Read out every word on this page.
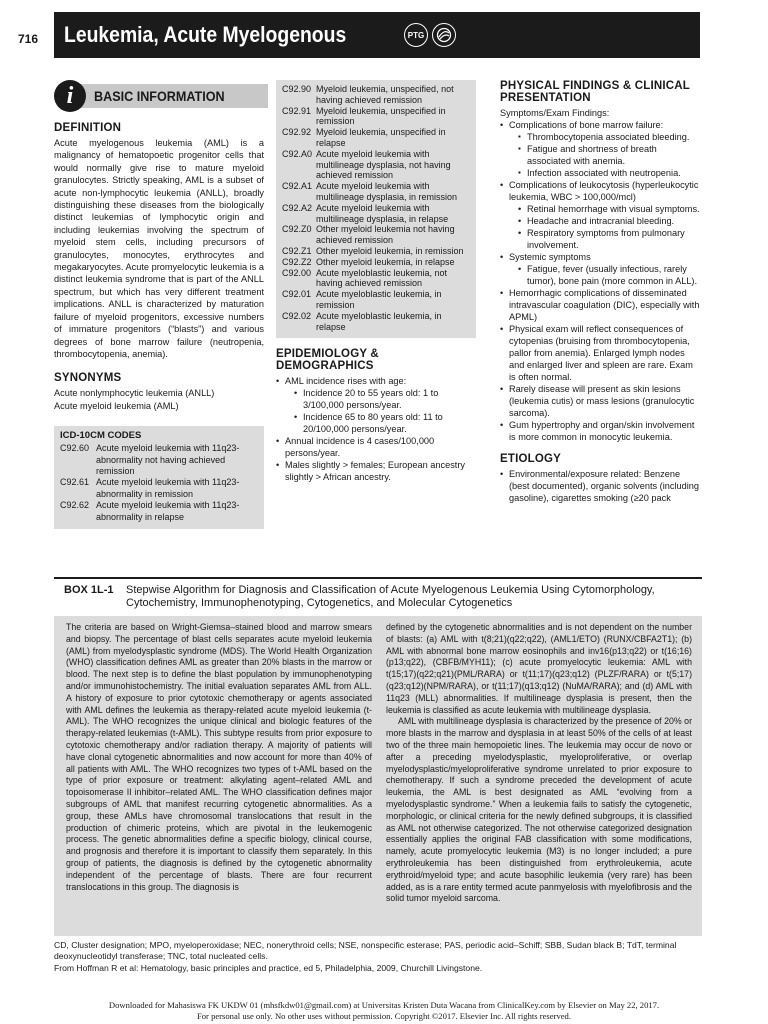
716 Leukemia, Acute Myelogenous	PTG
i	BASIC INFORMATION
DEFINITION
Acute myelogenous leukemia (AML) is a malignancy of hematopoetic progenitor cells that would normally give rise to mature myeloid granulocytes. Strictly speaking, AML is a subset of acute non-lymphocytic leukemia (ANLL), broadly distinguishing these diseases from the biologically distinct leukemias of lymphocytic origin and including leukemias involving the spectrum of myeloid stem cells, including precursors of granulocytes, monocytes, erythrocytes and megakaryocytes. Acute promyelocytic leukemia is a distinct leukemia syndrome that is part of the ANLL spectrum, but which has very different treatment implications. ANLL is characterized by maturation failure of myeloid progenitors, excessive numbers of immature progenitors (“blasts”) and various degrees of bone marrow failure (neutropenia, thrombocytopenia, anemia).
SYNONYMS
Acute nonlymphocytic leukemia (ANLL)
Acute myeloid leukemia (AML)
ICD-10CM CODES
C92.60 Acute myeloid leukemia with 11q23-abnormality not having achieved remission
C92.61 Acute myeloid leukemia with 11q23-abnormality in remission
C92.62 Acute myeloid leukemia with 11q23-abnormality in relapse
C92.90 Myeloid leukemia, unspecified, not having achieved remission
C92.91 Myeloid leukemia, unspecified in remission
C92.92 Myeloid leukemia, unspecified in relapse
C92.A0 Acute myeloid leukemia with multilineage dysplasia, not having achieved remission
C92.A1 Acute myeloid leukemia with multilineage dysplasia, in remission
C92.A2 Acute myeloid leukemia with multilineage dysplasia, in relapse
C92.Z0 Other myeloid leukemia not having achieved remission
C92.Z1 Other myeloid leukemia, in remission
C92.Z2 Other myeloid leukemia, in relapse
C92.00 Acute myeloblastic leukemia, not having achieved remission
C92.01 Acute myeloblastic leukemia, in remission
C92.02 Acute myeloblastic leukemia, in relapse
EPIDEMIOLOGY & DEMOGRAPHICS
• AML incidence rises with age:
• Incidence 20 to 55 years old: 1 to 3/100,000 persons/year.
• Incidence 65 to 80 years old: 11 to 20/100,000 persons/year.
• Annual incidence is 4 cases/100,000 persons/year.
• Males slightly > females; European ancestry slightly > African ancestry.
PHYSICAL FINDINGS & CLINICAL PRESENTATION
Symptoms/Exam Findings:
• Complications of bone marrow failure:
▪ Thrombocytopenia associated bleeding.
▪ Fatigue and shortness of breath associated with anemia.
▪ Infection associated with neutropenia.
• Complications of leukocytosis (hyperleukocytic leukemia, WBC > 100,000/mcl)
• Retinal hemorrhage with visual symptoms.
• Headache and intracranial bleeding.
• Respiratory symptoms from pulmonary involvement.
• Systemic symptoms
• Fatigue, fever (usually infectious, rarely tumor), bone pain (more common in ALL).
• Hemorrhagic complications of disseminated intravascular coagulation (DIC), especially with APML)
• Physical exam will reflect consequences of cytopenias (bruising from thrombocytopenia, pallor from anemia). Enlarged lymph nodes and enlarged liver and spleen are rare. Exam is often normal.
• Rarely disease will present as skin lesions (leukemia cutis) or mass lesions (granulocytic sarcoma).
• Gum hypertrophy and organ/skin involvement is more common in monocytic leukemia.
ETIOLOGY
• Environmental/exposure related: Benzene (best documented), organic solvents (including gasoline), cigarettes smoking (≥20 pack
BOX 1L-1	Stepwise Algorithm for Diagnosis and Classification of Acute Myelogenous Leukemia Using Cytomorphology, Cytochemistry, Immunophenotyping, Cytogenetics, and Molecular Cytogenetics

The criteria are based on Wright-Giemsa–stained blood and marrow smears and biopsy. The percentage of blast cells separates acute myeloid leukemia (AML) from myelodysplastic syndrome (MDS). The World Health Organization (WHO) classification defines AML as greater than 20% blasts in the marrow or blood. The next step is to define the blast population by immunophenotyping and/or immunohistochemistry. The initial evaluation separates AML from ALL. A history of exposure to prior cytotoxic chemotherapy or agents associated with AML defines the leukemia as therapy-related acute myeloid leukemia (t-AML). The WHO recognizes the unique clinical and biologic features of the therapy-related leukemias (t-AML). This subtype results from prior exposure to cytotoxic chemotherapy and/or radiation therapy. A majority of patients will have clonal cytogenetic abnormalities and now account for more than 40% of all patients with AML. The WHO recognizes two types of t-AML based on the type of prior exposure or treatment: alkylating agent–related AML and topoisomerase II inhibitor–related AML. The WHO classification defines major subgroups of AML that manifest recurring cytogenetic abnormalities. As a group, these AMLs have chromosomal translocations that result in the production of chimeric proteins, which are pivotal in the leukemogenic process. The genetic abnormalities define a specific biology, clinical course, and prognosis and therefore it is important to classify them separately. In this group of patients, the diagnosis is defined by the cytogenetic abnormality independent of the percentage of blasts. There are four recurrent translocations in this group. The diagnosis is

defined by the cytogenetic abnormalities and is not dependent on the number of blasts: (a) AML with t(8;21)(q22;q22), (AML1/ETO) (RUNX/CBFA2T1); (b) AML with abnormal bone marrow eosinophils and inv16(p13;q22) or t(16;16)(p13;q22), (CBFB/MYH11); (c) acute promyelocytic leukemia: AML with t(15;17)(q22;q21)(PML/RARA) or t(11;17)(q23;q12) (PLZF/RARA) or t(5;17)(q23;q12)(NPM/RARA), or t(11;17)(q13;q12) (NuMA/RARA); and (d) AML with 11q23 (MLL) abnormalities. If multilineage dysplasia is present, then the leukemia is classified as acute leukemia with multilineage dysplasia.

AML with multilineage dysplasia is characterized by the presence of 20% or more blasts in the marrow and dysplasia in at least 50% of the cells of at least two of the three main hemopoietic lines. The leukemia may occur de novo or after a preceding myelodysplastic, myeloproliferative, or overlap myelodysplastic/myeloproliferative syndrome unrelated to prior exposure to chemotherapy. If such a syndrome preceded the development of acute leukemia, the AML is best designated as AML “evolving from a myelodysplastic syndrome.” When a leukemia fails to satisfy the cytogenetic, morphologic, or clinical criteria for the newly defined subgroups, it is classified as AML not otherwise categorized. The not otherwise categorized designation essentially applies the original FAB classification with some modifications, namely, acute promyelocytic leukemia (M3) is no longer included; a pure erythroleukemia has been distinguished from erythroleukemia, acute erythroid/myeloid type; and acute basophilic leukemia (very rare) has been added, as is a rare entity termed acute panmyelosis with myelofibrosis and the solid tumor myeloid sarcoma.

CD, Cluster designation; MPO, myeloperoxidase; NEC, nonerythroid cells; NSE, nonspecific esterase; PAS, periodic acid–Schiff; SBB, Sudan black B; TdT, terminal deoxynucleotidyl transferase; TNC, total nucleated cells.
From Hoffman R et al: Hematology, basic principles and practice, ed 5, Philadelphia, 2009, Churchill Livingstone.
Downloaded for Mahasiswa FK UKDW 01 (mhsfkdw01@gmail.com) at Universitas Kristen Duta Wacana from ClinicalKey.com by Elsevier on May 22, 2017.
For personal use only. No other uses without permission. Copyright ©2017. Elsevier Inc. All rights reserved.
